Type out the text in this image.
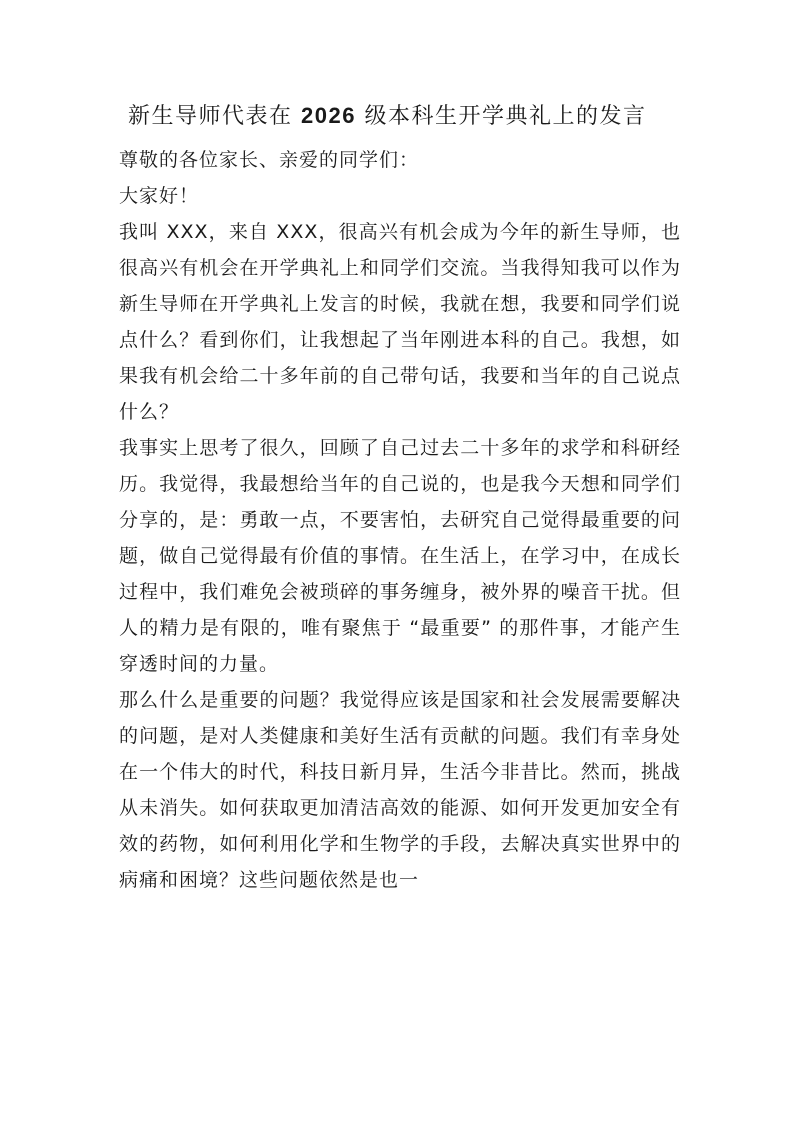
新生导师代表在 2026 级本科生开学典礼上的发言

尊敬的各位家长、亲爱的同学们：

大家好！

我叫 XXX，来自 XXX，很高兴有机会成为今年的新生导师，也很高兴有机会在开学典礼上和同学们交流。当我得知我可以作为新生导师在开学典礼上发言的时候，我就在想，我要和同学们说点什么？看到你们，让我想起了当年刚进本科的自己。我想，如果我有机会给二十多年前的自己带句话，我要和当年的自己说点什么？

我事实上思考了很久，回顾了自己过去二十多年的求学和科研经历。我觉得，我最想给当年的自己说的，也是我今天想和同学们分享的，是：勇敢一点，不要害怕，去研究自己觉得最重要的问题，做自己觉得最有价值的事情。在生活上，在学习中，在成长过程中，我们难免会被琐碎的事务缠身，被外界的噪音干扰。但人的精力是有限的，唯有聚焦于 “最重要” 的那件事，才能产生穿透时间的力量。

那么什么是重要的问题？我觉得应该是国家和社会发展需要解决的问题，是对人类健康和美好生活有贡献的问题。我们有幸身处在一个伟大的时代，科技日新月异，生活今非昔比。然而，挑战从未消失。如何获取更加清洁高效的能源、如何开发更加安全有效的药物，如何利用化学和生物学的手段，去解决真实世界中的病痛和困境？这些问题依然是也一
